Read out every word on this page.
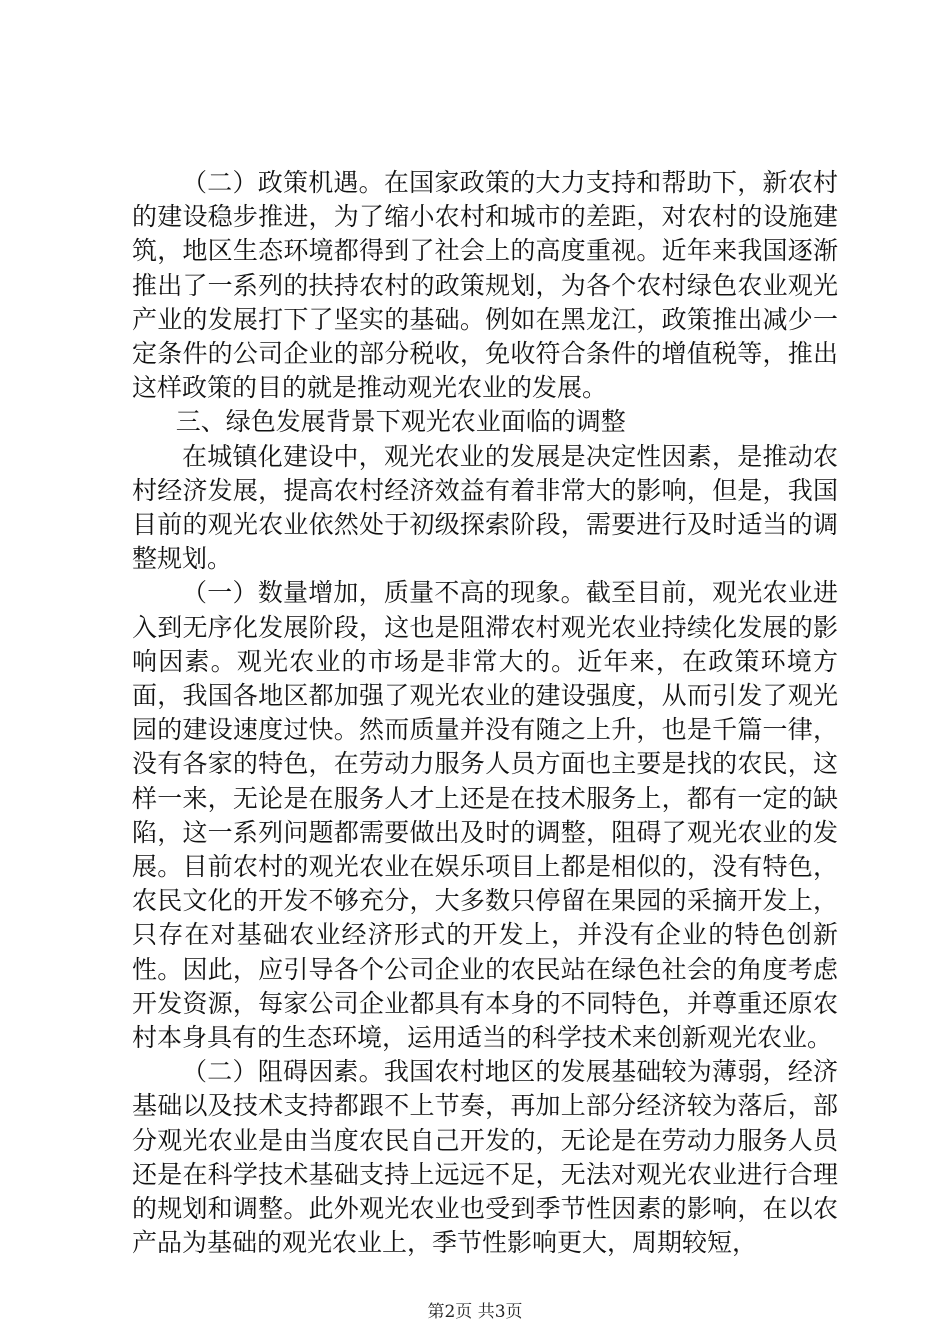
（二）政策机遇。在国家政策的大力支持和帮助下，新农村的建设稳步推进，为了缩小农村和城市的差距，对农村的设施建筑，地区生态环境都得到了社会上的高度重视。近年来我国逐渐推出了一系列的扶持农村的政策规划，为各个农村绿色农业观光产业的发展打下了坚实的基础。例如在黑龙江，政策推出减少一定条件的公司企业的部分税收，免收符合条件的增值税等，推出这样政策的目的就是推动观光农业的发展。

三、绿色发展背景下观光农业面临的调整

在城镇化建设中，观光农业的发展是决定性因素，是推动农村经济发展，提高农村经济效益有着非常大的影响，但是，我国目前的观光农业依然处于初级探索阶段，需要进行及时适当的调整规划。

（一）数量增加，质量不高的现象。截至目前，观光农业进入到无序化发展阶段，这也是阻滞农村观光农业持续化发展的影响因素。观光农业的市场是非常大的。近年来，在政策环境方面，我国各地区都加强了观光农业的建设强度，从而引发了观光园的建设速度过快。然而质量并没有随之上升，也是千篇一律，没有各家的特色，在劳动力服务人员方面也主要是找的农民，这样一来，无论是在服务人才上还是在技术服务上，都有一定的缺陷，这一系列问题都需要做出及时的调整，阻碍了观光农业的发展。目前农村的观光农业在娱乐项目上都是相似的，没有特色，农民文化的开发不够充分，大多数只停留在果园的采摘开发上，只存在对基础农业经济形式的开发上，并没有企业的特色创新性。因此，应引导各个公司企业的农民站在绿色社会的角度考虑开发资源，每家公司企业都具有本身的不同特色，并尊重还原农村本身具有的生态环境，运用适当的科学技术来创新观光农业。

（二）阻碍因素。我国农村地区的发展基础较为薄弱，经济基础以及技术支持都跟不上节奏，再加上部分经济较为落后，部分观光农业是由当度农民自己开发的，无论是在劳动力服务人员还是在科学技术基础支持上远远不足，无法对观光农业进行合理的规划和调整。此外观光农业也受到季节性因素的影响，在以农产品为基础的观光农业上，季节性影响更大，周期较短，

第2页 共3页
